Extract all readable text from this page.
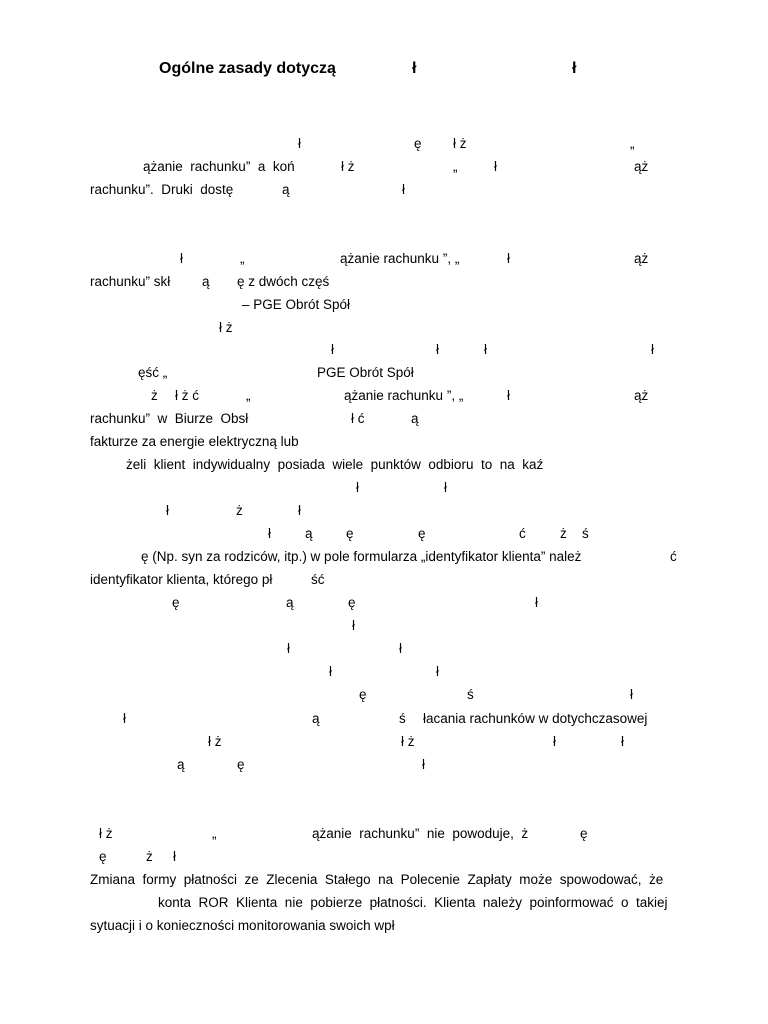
Ogólne zasady dotyczą

	ł

	ł

ł	ę ł ż	„
ążanie  rachunku”  a  koń	ł ż	„	ł	ąż
rachunku”.  Druki  dostę	ą	ł
ł	„	ążanie rachunku ”, „	ł	ąż
rachunku” skł ą ę z dwóch częś
– PGE Obrót Spół
ł ż
ł	ł	ł	ł
ęść „	PGE Obrót Spół
ż ł ż ć	„	ążanie rachunku ”, „	ł	ąż
rachunku”  w  Biurze  Obsł	ł ć	ą
fakturze za energie elektryczną lub
żeli  klient  indywidualny  posiada  wiele  punktów  odbioru  to  na  kaź
ł	ł
ł	ż	ł
ł	ą ę	ę	ć	ż ś
ę (Np. syn za rodziców, itp.) w pole formularza „identyfikator klienta” należ	ć
identyfikator klienta, którego pł	ść
ę	ą	ę	ł
ł
ł	ł
ł	ł
ę	ś	ł
ł	ą	ś łacania rachunków w dotychczasowej
ł ż	ł ż	ł	ł
ą	ę	ł
ł ż	„	ążanie  rachunku”  nie  powoduje,  ż	ę
ę	ż ł
Zmiana  formy  płatności  ze  Zlecenia  Stałego  na  Polecenie  Zapłaty  może  spowodować,  że
konta  ROR  Klienta  nie  pobierze  płatności.  Klienta  należy  poinformować  o  takiej
sytuacji i o konieczności monitorowania swoich wpł
